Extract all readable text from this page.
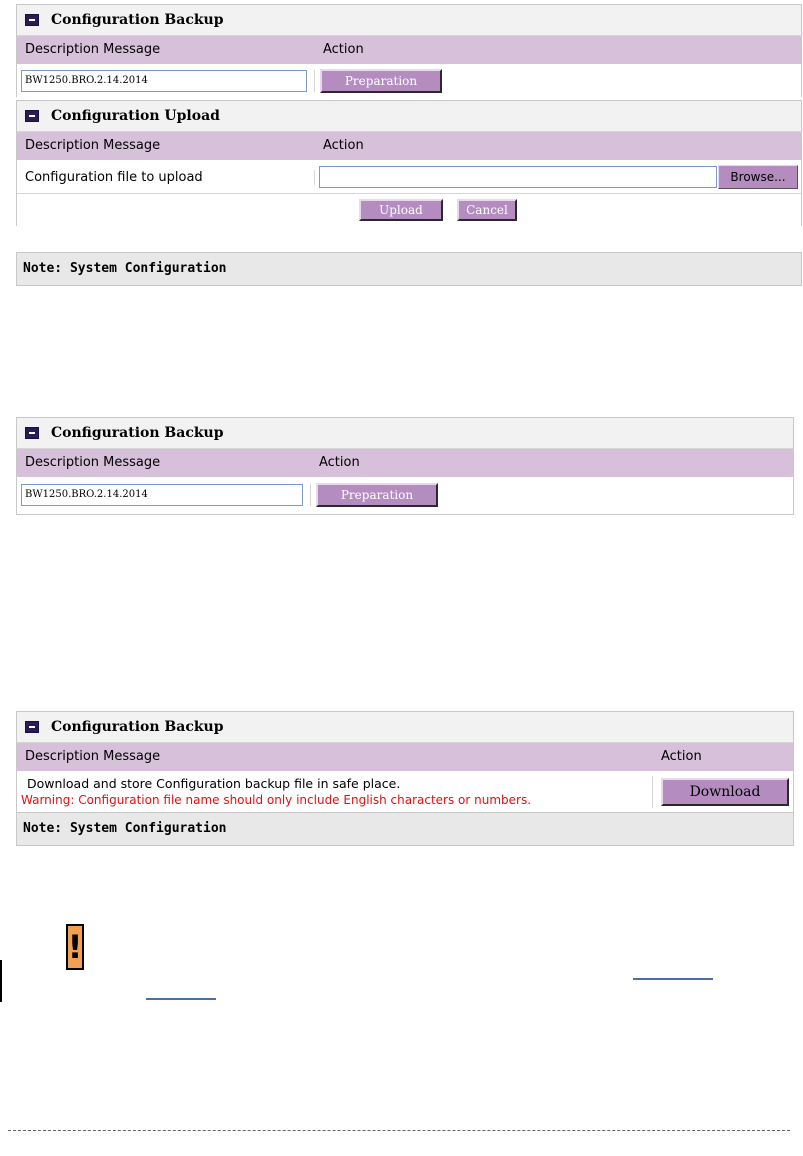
Configuration Backup
Description Message	Action
BW1250.BRO.2.14.2014	Preparation
Configuration Upload
Description Message	Action
Configuration file to upload	Browse...
Upload	Cancel
Note: System Configuration
Configuration Backup
Description Message	Action
BW1250.BRO.2.14.2014	Preparation
Configuration Backup
Description Message	Action
Download and store Configuration backup file in safe place.
Warning: Configuration file name should only include English characters or numbers.	Download
Note: System Configuration
!
